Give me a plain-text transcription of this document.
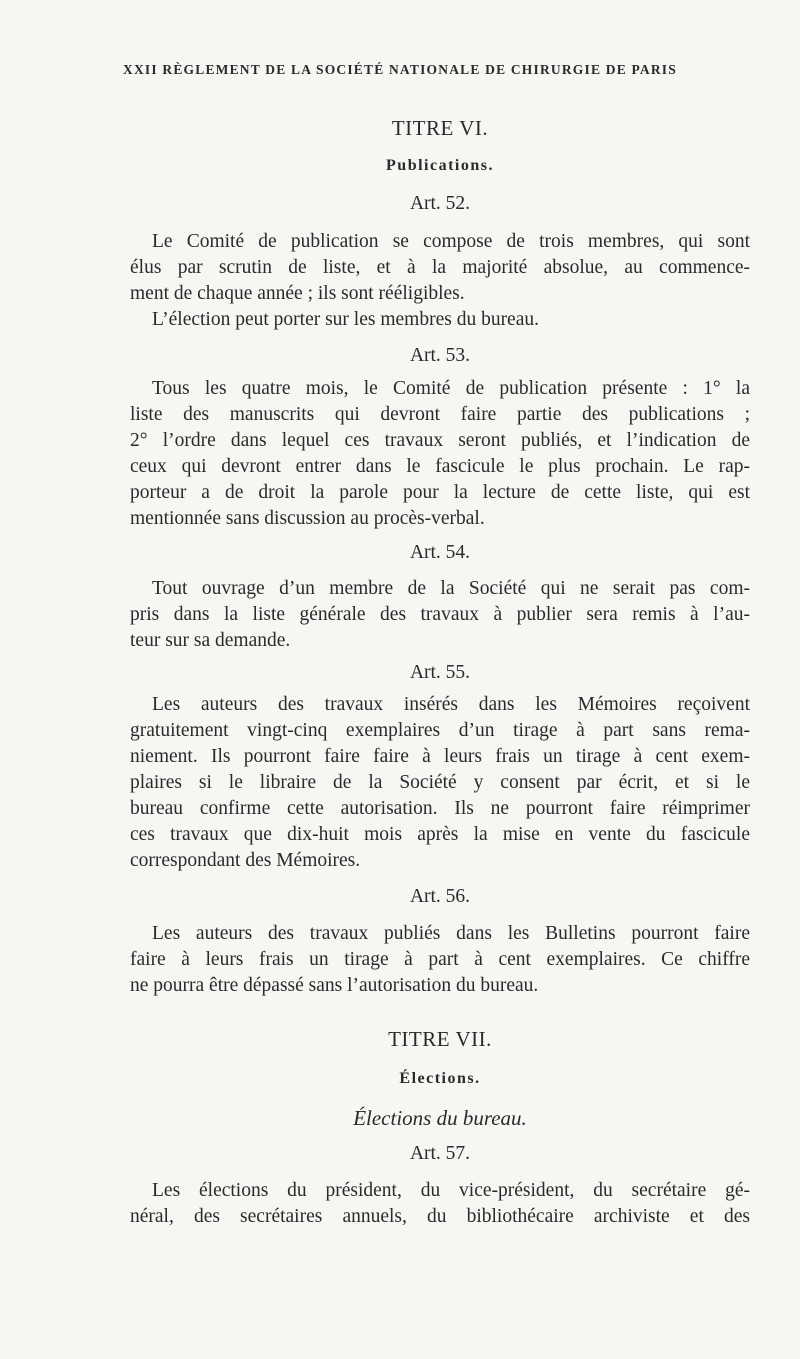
XXII RÈGLEMENT DE LA SOCIÉTÉ NATIONALE DE CHIRURGIE DE PARIS
TITRE VI.
Publications.
Art. 52.
Le Comité de publication se compose de trois membres, qui sont
élus par scrutin de liste, et à la majorité absolue, au commence-
ment de chaque année ; ils sont rééligibles.
L’élection peut porter sur les membres du bureau.
Art. 53.
Tous les quatre mois, le Comité de publication présente : 1° la
liste des manuscrits qui devront faire partie des publications ;
2° l’ordre dans lequel ces travaux seront publiés, et l’indication de
ceux qui devront entrer dans le fascicule le plus prochain. Le rap-
porteur a de droit la parole pour la lecture de cette liste, qui est
mentionnée sans discussion au procès-verbal.
Art. 54.
Tout ouvrage d’un membre de la Société qui ne serait pas com-
pris dans la liste générale des travaux à publier sera remis à l’au-
teur sur sa demande.
Art. 55.
Les auteurs des travaux insérés dans les Mémoires reçoivent
gratuitement vingt-cinq exemplaires d’un tirage à part sans rema-
niement. Ils pourront faire faire à leurs frais un tirage à cent exem-
plaires si le libraire de la Société y consent par écrit, et si le
bureau confirme cette autorisation. Ils ne pourront faire réimprimer
ces travaux que dix-huit mois après la mise en vente du fascicule
correspondant des Mémoires.
Art. 56.
Les auteurs des travaux publiés dans les Bulletins pourront faire
faire à leurs frais un tirage à part à cent exemplaires. Ce chiffre
ne pourra être dépassé sans l’autorisation du bureau.
TITRE VII.
Élections.
Élections du bureau.
Art. 57.
Les élections du président, du vice-président, du secrétaire gé-
néral, des secrétaires annuels, du bibliothécaire archiviste et des
